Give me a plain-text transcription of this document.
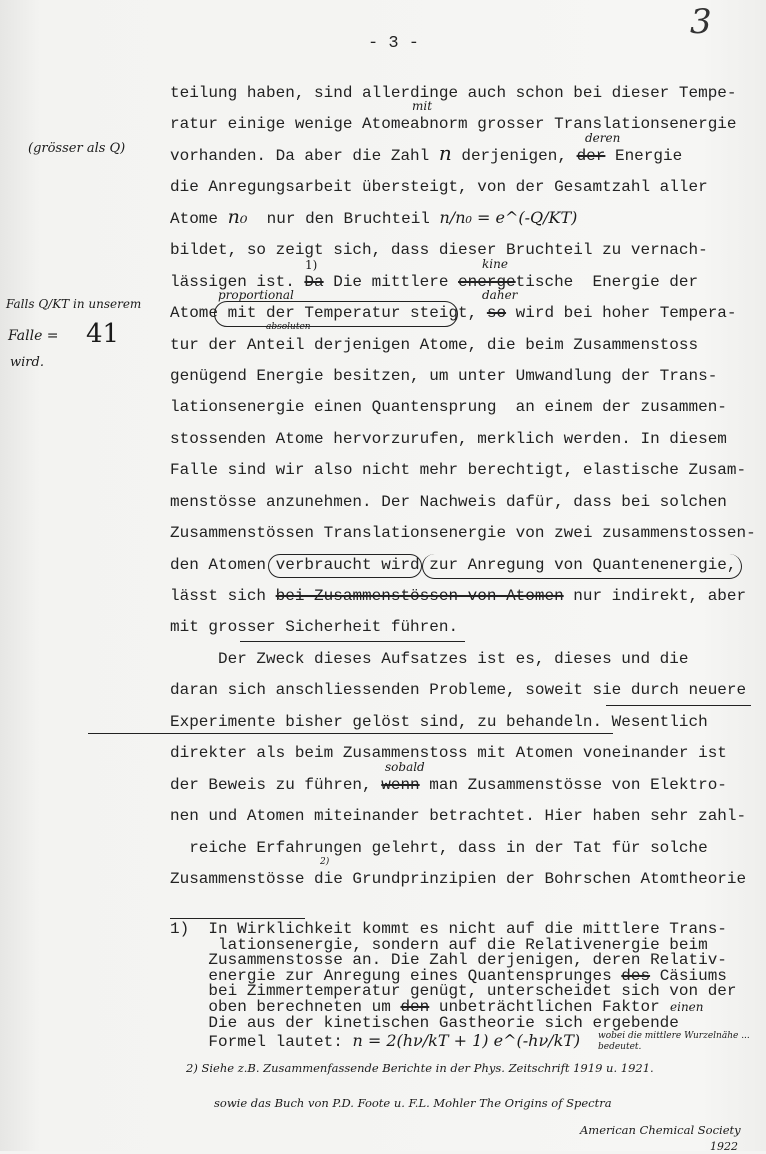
- 3 -
3
(grösser als Q)
Falls Q/KT in unserem
Falle = 41
wird.
teilung haben, sind allerdinge auch schon bei dieser Tempe-
ratur einige wenige Atomeabnorm grosser Translationsenergie
mit
vorhanden. Da aber die Zahl n derjenigen, der Energie
deren
die Anregungsarbeit übersteigt, von der Gesamtzahl aller
Atome n₀  nur den Bruchteil n/n₀ = e^(-Q/KT)
bildet, so zeigt sich, dass dieser Bruchteil zu vernach-
lässigen ist.
1)
Da Die mittlere energetische  Energie der
kine
Atome mit der Temperatur steigt, so wird bei hoher Tempera-
proportional	daher
absoluten
tur der Anteil derjenigen Atome, die beim Zusammenstoss
genügend Energie besitzen, um unter Umwandlung der Trans-
lationsenergie einen Quantensprung  an einem der zusammen-
stossenden Atome hervorzurufen, merklich werden. In diesem
Falle sind wir also nicht mehr berechtigt, elastische Zusam-
menstösse anzunehmen. Der Nachweis dafür, dass bei solchen
Zusammenstössen Translationsenergie von zwei zusammenstossen-
den Atomen verbraucht wird zur Anregung von Quantenenergie,
lässt sich bei Zusammenstössen von Atomen nur indirekt, aber
mit grosser Sicherheit führen.
Der Zweck dieses Aufsatzes ist es, dieses und die
daran sich anschliessenden Probleme, soweit sie durch neuere
Experimente bisher gelöst sind, zu behandeln. Wesentlich
direkter als beim Zusammenstoss mit Atomen voneinander ist
der Beweis zu führen, wenn man Zusammenstösse von Elektro-
sobald
nen und Atomen miteinander betrachtet. Hier haben sehr zahl-
reiche Erfahrungen gelehrt, dass in der Tat für solche
2)
Zusammenstösse die Grundprinzipien der Bohrschen Atomtheorie
1)  In Wirklichkeit kommt es nicht auf die mittlere Trans-
lationsenergie, sondern auf die Relativenergie beim
Zusammenstosse an. Die Zahl derjenigen, deren Relativ-
energie zur Anregung eines Quantensprunges des Cäsiums
bei Zimmertemperatur genügt, unterscheidet sich von der
oben berechneten um den unbeträchtlichen Faktor einen
Die aus der kinetischen Gastheorie sich ergebende
Formel lautet: n = 2(hν/kT + 1) e^(-hν/kT) wobei die mittlere Wurzelnähe ... bedeutet.
2) Siehe z.B. Zusammenfassende Berichte in der Phys. Zeitschrift 1919 u. 1921.
sowie das Buch von P.D. Foote u. F.L. Mohler The Origins of Spectra
American Chemical Society
1922
